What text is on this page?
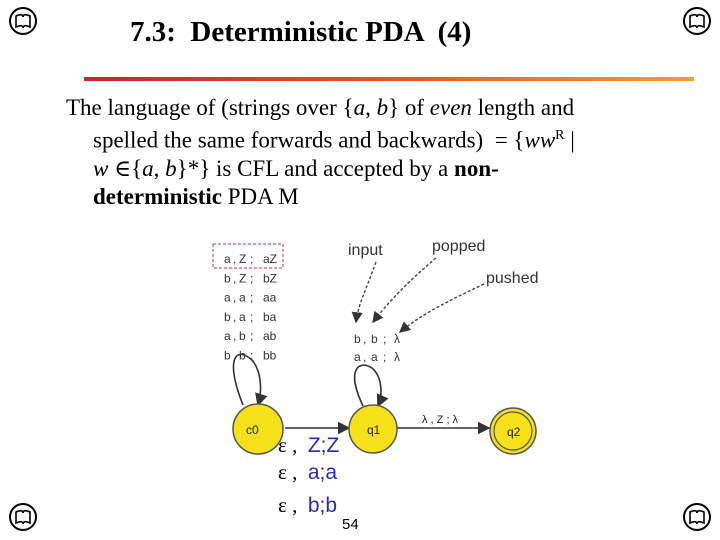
7.3:  Deterministic PDA  (4)
The language of (strings over {a, b} of even length and
spelled the same forwards and backwards)  = {$ww^R$ |
w ∈{a, b}*} is CFL and accepted by a non-
deterministic PDA M
c0	q1	q2
λ , Z ; λ
input	popped
pushed
a , Z ; aZ
b , Z ; bZ
a , a ; aa
b , a ; ba
a , b ; ab
b , b ; bb
b , b ; λ
a , a ; λ
ε ,  Z;Z
ε ,  a;a
ε ,  b;b
54
